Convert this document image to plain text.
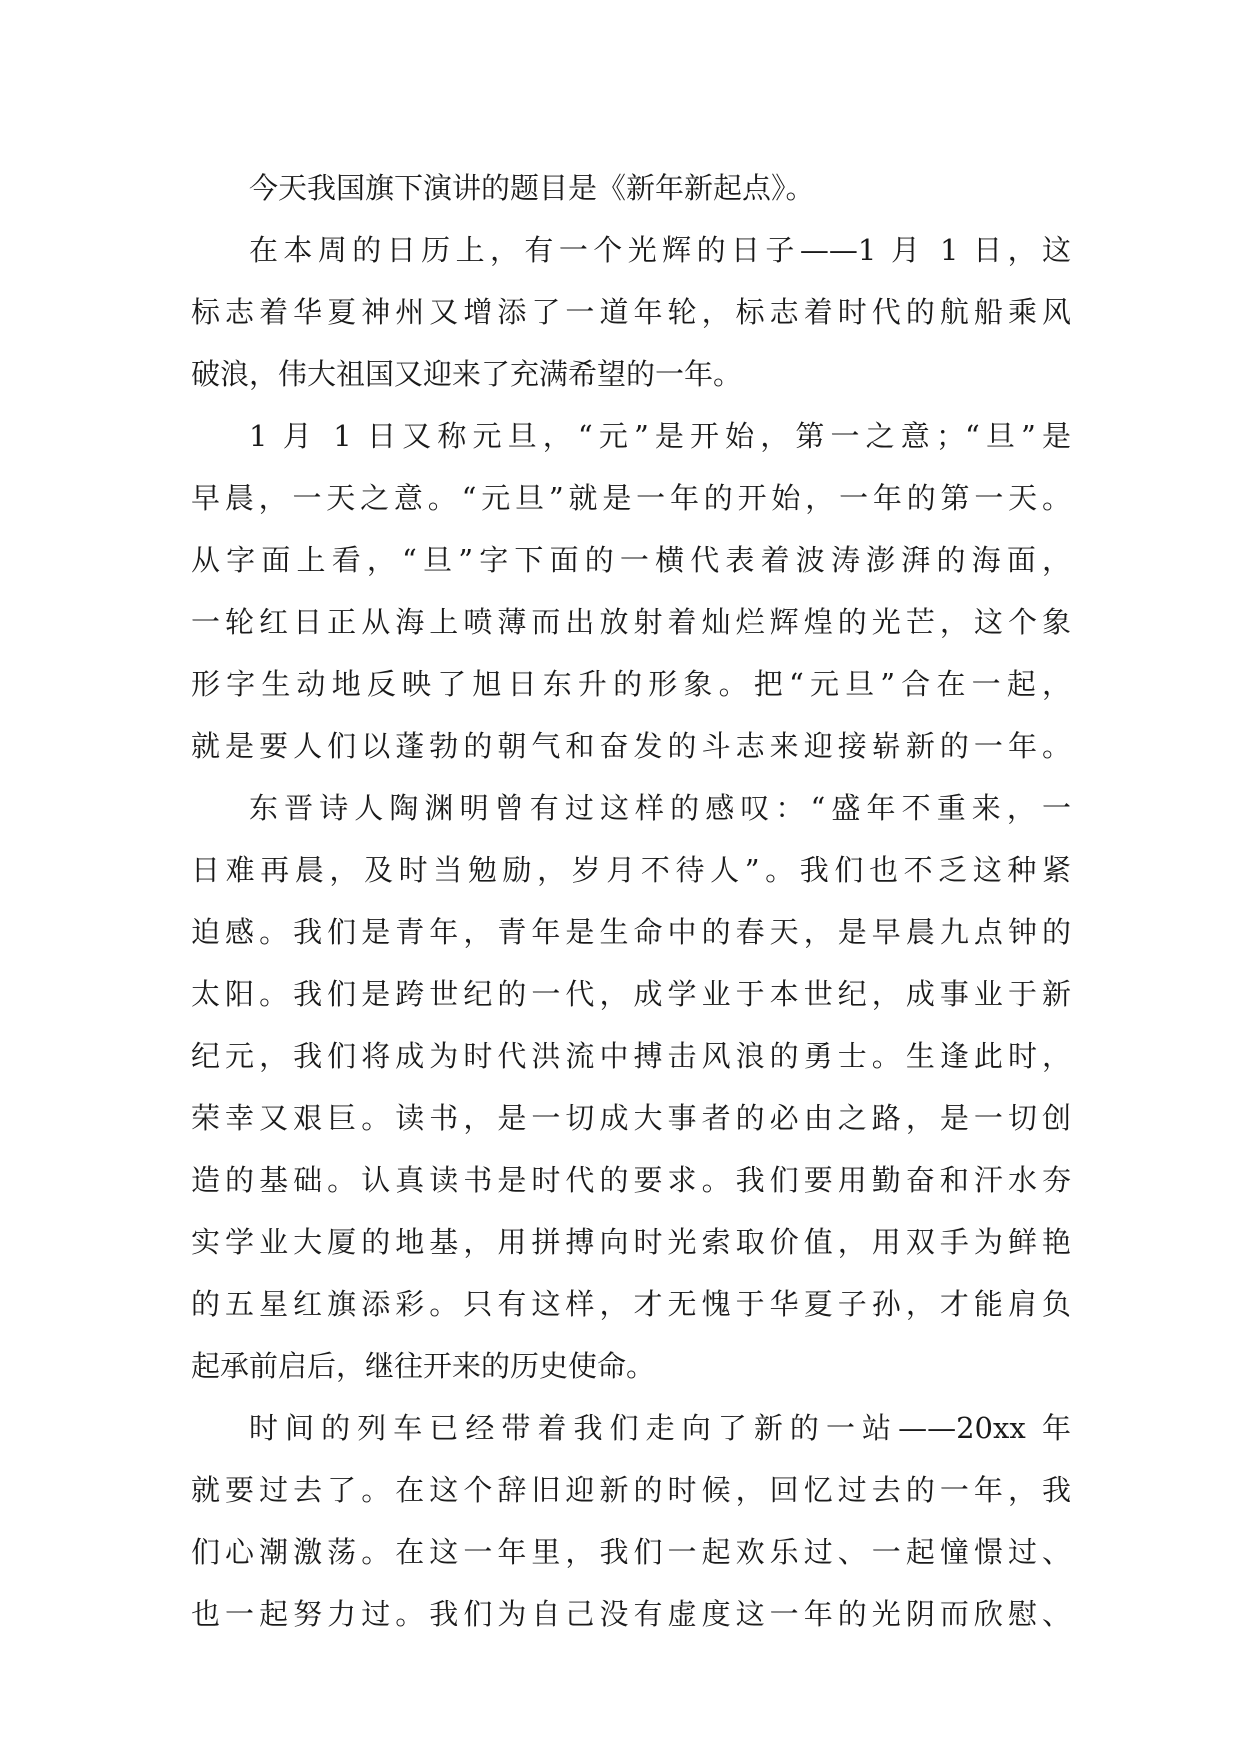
今天我国旗下演讲的题目是《新年新起点》。
在本周的日历上，有一个光辉的日子——1 月 1 日，这
标志着华夏神州又增添了一道年轮，标志着时代的航船乘风
破浪，伟大祖国又迎来了充满希望的一年。
1 月 1 日又称元旦，“元”是开始，第一之意；“旦”是
早晨，一天之意。“元旦”就是一年的开始，一年的第一天。
从字面上看，“旦”字下面的一横代表着波涛澎湃的海面，
一轮红日正从海上喷薄而出放射着灿烂辉煌的光芒，这个象
形字生动地反映了旭日东升的形象。把“元旦”合在一起，
就是要人们以蓬勃的朝气和奋发的斗志来迎接崭新的一年。
东晋诗人陶渊明曾有过这样的感叹：“盛年不重来，一
日难再晨，及时当勉励，岁月不待人”。我们也不乏这种紧
迫感。我们是青年，青年是生命中的春天，是早晨九点钟的
太阳。我们是跨世纪的一代，成学业于本世纪，成事业于新
纪元，我们将成为时代洪流中搏击风浪的勇士。生逢此时，
荣幸又艰巨。读书，是一切成大事者的必由之路，是一切创
造的基础。认真读书是时代的要求。我们要用勤奋和汗水夯
实学业大厦的地基，用拼搏向时光索取价值，用双手为鲜艳
的五星红旗添彩。只有这样，才无愧于华夏子孙，才能肩负
起承前启后，继往开来的历史使命。
时间的列车已经带着我们走向了新的一站——20xx 年
就要过去了。在这个辞旧迎新的时候，回忆过去的一年，我
们心潮激荡。在这一年里，我们一起欢乐过、一起憧憬过、
也一起努力过。我们为自己没有虚度这一年的光阴而欣慰、
